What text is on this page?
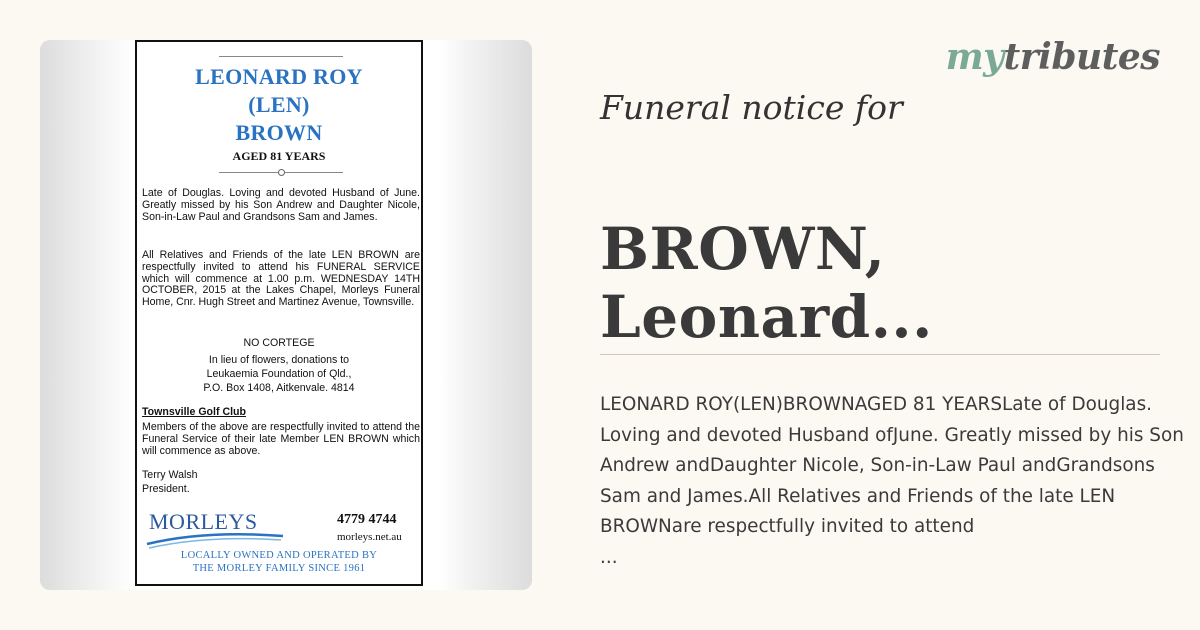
LEONARD ROY
(LEN)
BROWN
AGED 81 YEARS
Late of Douglas. Loving and devoted Husband of June. Greatly missed by his Son Andrew and Daughter Nicole, Son-in-Law Paul and Grandsons Sam and James.
All Relatives and Friends of the late LEN BROWN are respectfully invited to attend his FUNERAL SERVICE which will commence at 1.00 p.m. WEDNESDAY 14TH OCTOBER, 2015 at the Lakes Chapel, Morleys Funeral Home, Cnr. Hugh Street and Martinez Avenue, Townsville.
NO CORTEGE
In lieu of flowers, donations to
Leukaemia Foundation of Qld.,
P.O. Box 1408, Aitkenvale. 4814
Townsville Golf Club
Members of the above are respectfully invited to attend the Funeral Service of their late Member LEN BROWN which will commence as above.
Terry Walsh
President.
MORLEYS	4779 4744
morleys.net.au
LOCALLY OWNED AND OPERATED BY
THE MORLEY FAMILY SINCE 1961
mytributes
Funeral notice for
BROWN, Leonard...
LEONARD ROY(LEN)BROWNAGED 81 YEARSLate of Douglas. Loving and devoted Husband ofJune. Greatly missed by his Son Andrew andDaughter Nicole, Son-in-Law Paul andGrandsons Sam and James.All Relatives and Friends of the late LEN BROWNare respectfully invited to attend
...
